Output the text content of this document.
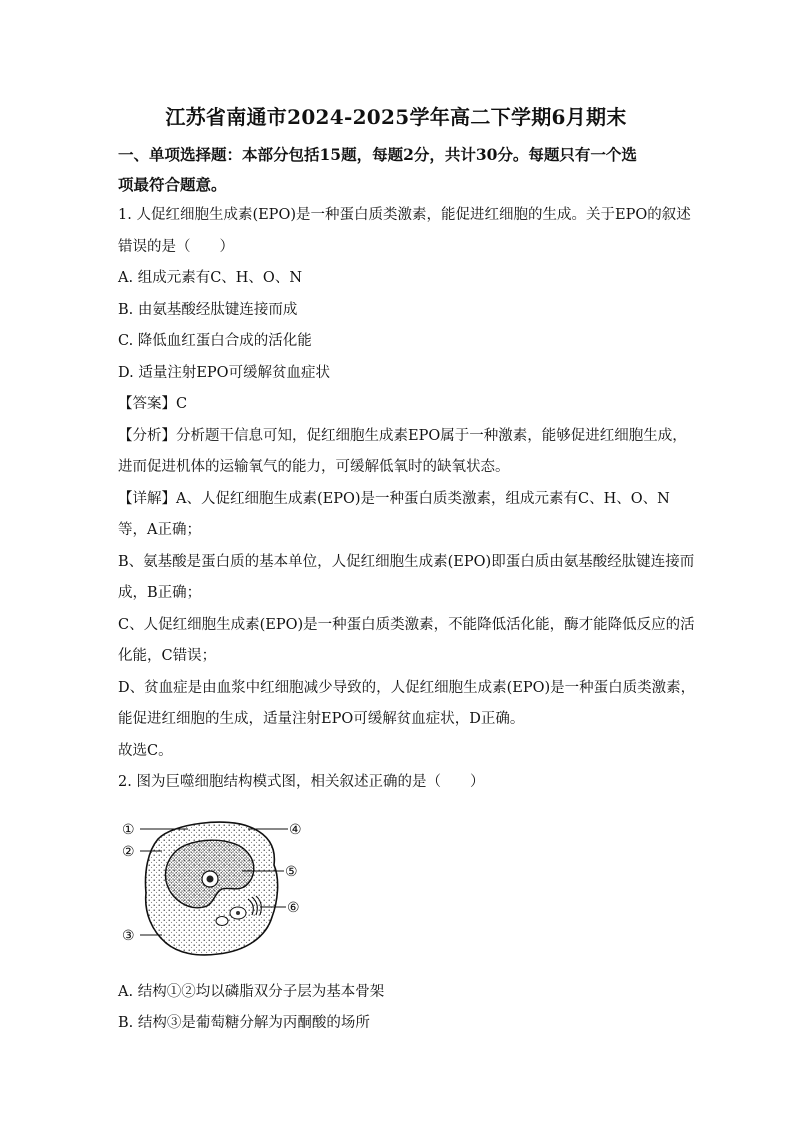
江苏省南通市2024-2025学年高二下学期6月期末
一、单项选择题：本部分包括15题，每题2分，共计30分。每题只有一个选
项最符合题意。
1. 人促红细胞生成素(EPO)是一种蛋白质类激素，能促进红细胞的生成。关于EPO的叙述
错误的是（　　）
A. 组成元素有C、H、O、N
B. 由氨基酸经肽键连接而成
C. 降低血红蛋白合成的活化能
D. 适量注射EPO可缓解贫血症状
【答案】C
【分析】分析题干信息可知，促红细胞生成素EPO属于一种激素，能够促进红细胞生成，
进而促进机体的运输氧气的能力，可缓解低氧时的缺氧状态。
【详解】A、人促红细胞生成素(EPO)是一种蛋白质类激素，组成元素有C、H、O、N
等，A正确；
B、氨基酸是蛋白质的基本单位，人促红细胞生成素(EPO)即蛋白质由氨基酸经肽键连接而
成，B正确；
C、人促红细胞生成素(EPO)是一种蛋白质类激素，不能降低活化能，酶才能降低反应的活
化能，C错误；
D、贫血症是由血浆中红细胞减少导致的，人促红细胞生成素(EPO)是一种蛋白质类激素，
能促进红细胞的生成，适量注射EPO可缓解贫血症状，D正确。
故选C。
2. 图为巨噬细胞结构模式图，相关叙述正确的是（　　）
①
②
③
④
⑤
⑥
A. 结构①②均以磷脂双分子层为基本骨架
B. 结构③是葡萄糖分解为丙酮酸的场所
